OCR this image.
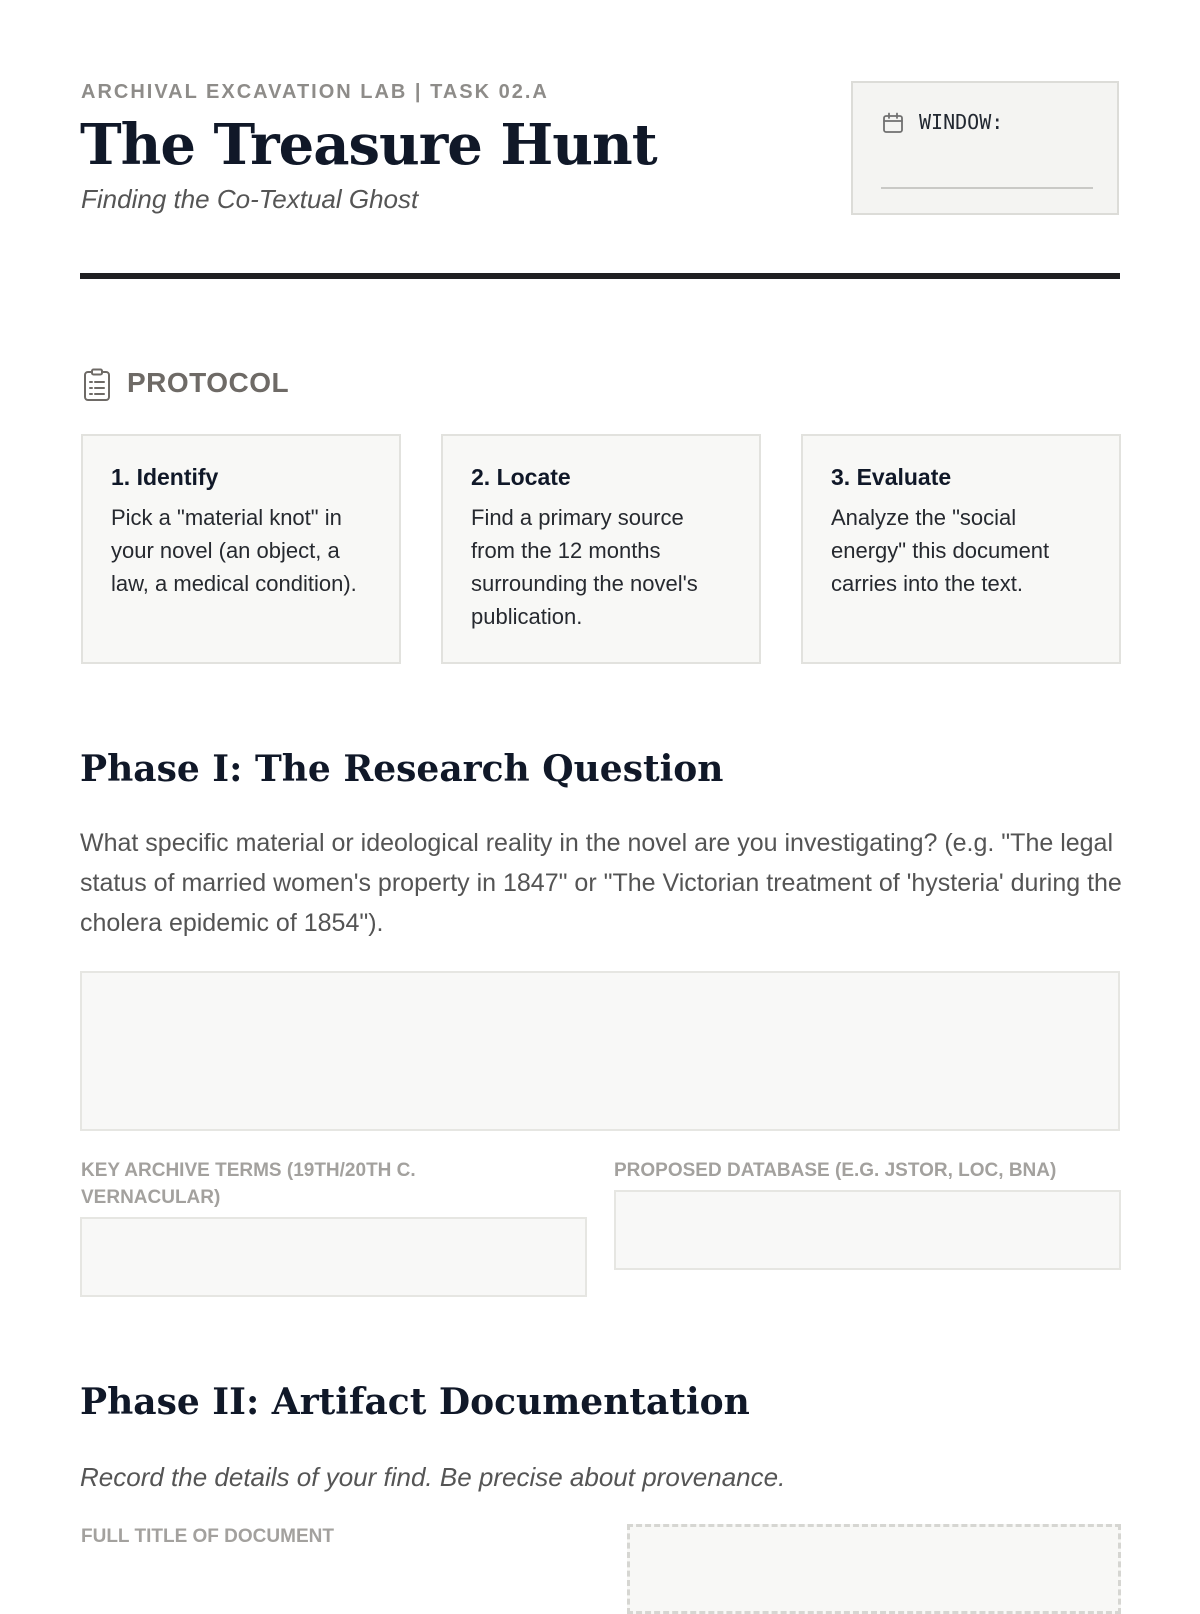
ARCHIVAL EXCAVATION LAB | TASK 02.A
The Treasure Hunt
Finding the Co-Textual Ghost
WINDOW:
PROTOCOL

1. Identify

Pick a "material knot" in your novel (an object, a law, a medical condition).

2. Locate

Find a primary source from the 12 months surrounding the novel's publication.

3. Evaluate

Analyze the "social energy" this document carries into the text.

Phase I: The Research Question

What specific material or ideological reality in the novel are you investigating? (e.g. "The legal status of married women's property in 1847" or "The Victorian treatment of 'hysteria' during the cholera epidemic of 1854").

KEY ARCHIVE TERMS (19TH/20TH C. VERNACULAR)

PROPOSED DATABASE (E.G. JSTOR, LOC, BNA)

Phase II: Artifact Documentation
Record the details of your find. Be precise about provenance.

FULL TITLE OF DOCUMENT
